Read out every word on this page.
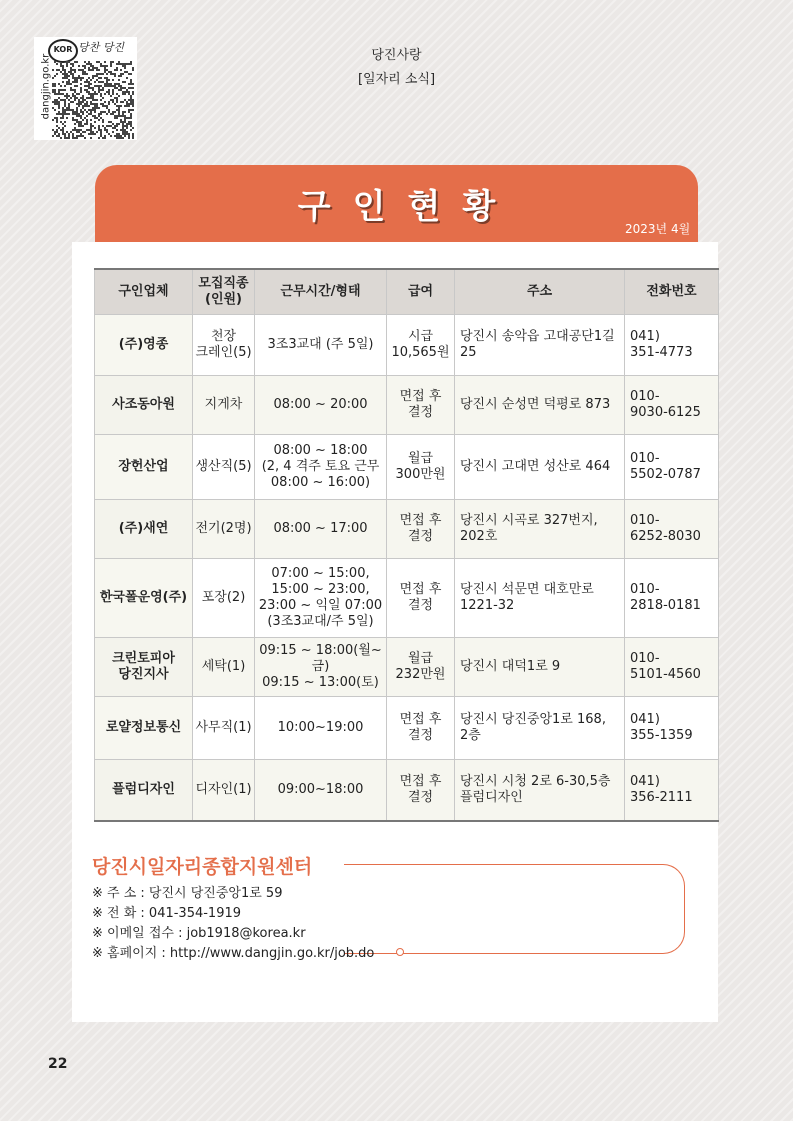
dangjin.go.kr
KOR 당찬 당진
당진사랑
[일자리 소식]
구인현황
2023년 4월
구인업체	모집직종(인원)	근무시간/형태	급여	주소	전화번호

(주)영종	천장
크레인(5)	3조3교대 (주 5일)	시급
10,565원	당진시 송악읍 고대공단1길
25	041)
351-4773

사조동아원	지게차	08:00 ~ 20:00	면접 후
결정	당진시 순성면 덕평로 873	010-
9030-6125

장헌산업	생산직(5)	08:00 ~ 18:00
(2, 4 격주 토요 근무
08:00 ~ 16:00)	월급
300만원	당진시 고대면 성산로 464	010-
5502-0787

(주)새연	전기(2명)	08:00 ~ 17:00	면접 후
결정	당진시 시곡로 327번지,
202호	010-
6252-8030

한국폴운영(주)	포장(2)	07:00 ~ 15:00,
15:00 ~ 23:00,
23:00 ~ 익일 07:00
(3조3교대/주 5일)	면접 후
결정	당진시 석문면 대호만로
1221-32	010-
2818-0181

크린토피아
당진지사	세탁(1)	09:15 ~ 18:00(월~금)
09:15 ~ 13:00(토)	월급
232만원	당진시 대덕1로 9	010-
5101-4560

로얄정보통신	사무직(1)	10:00~19:00	면접 후
결정	당진시 당진중앙1로 168,
2층	041)
355-1359

플럼디자인	디자인(1)	09:00~18:00	면접 후
결정	당진시 시청 2로 6-30,5층
플럼디자인	041)
356-2111
당진시일자리종합지원센터
※ 주 소 : 당진시 당진중앙1로 59
※ 전 화 : 041-354-1919
※ 이메일 접수 : job1918@korea.kr
※ 홈페이지 : http://www.dangjin.go.kr/job.do
22
